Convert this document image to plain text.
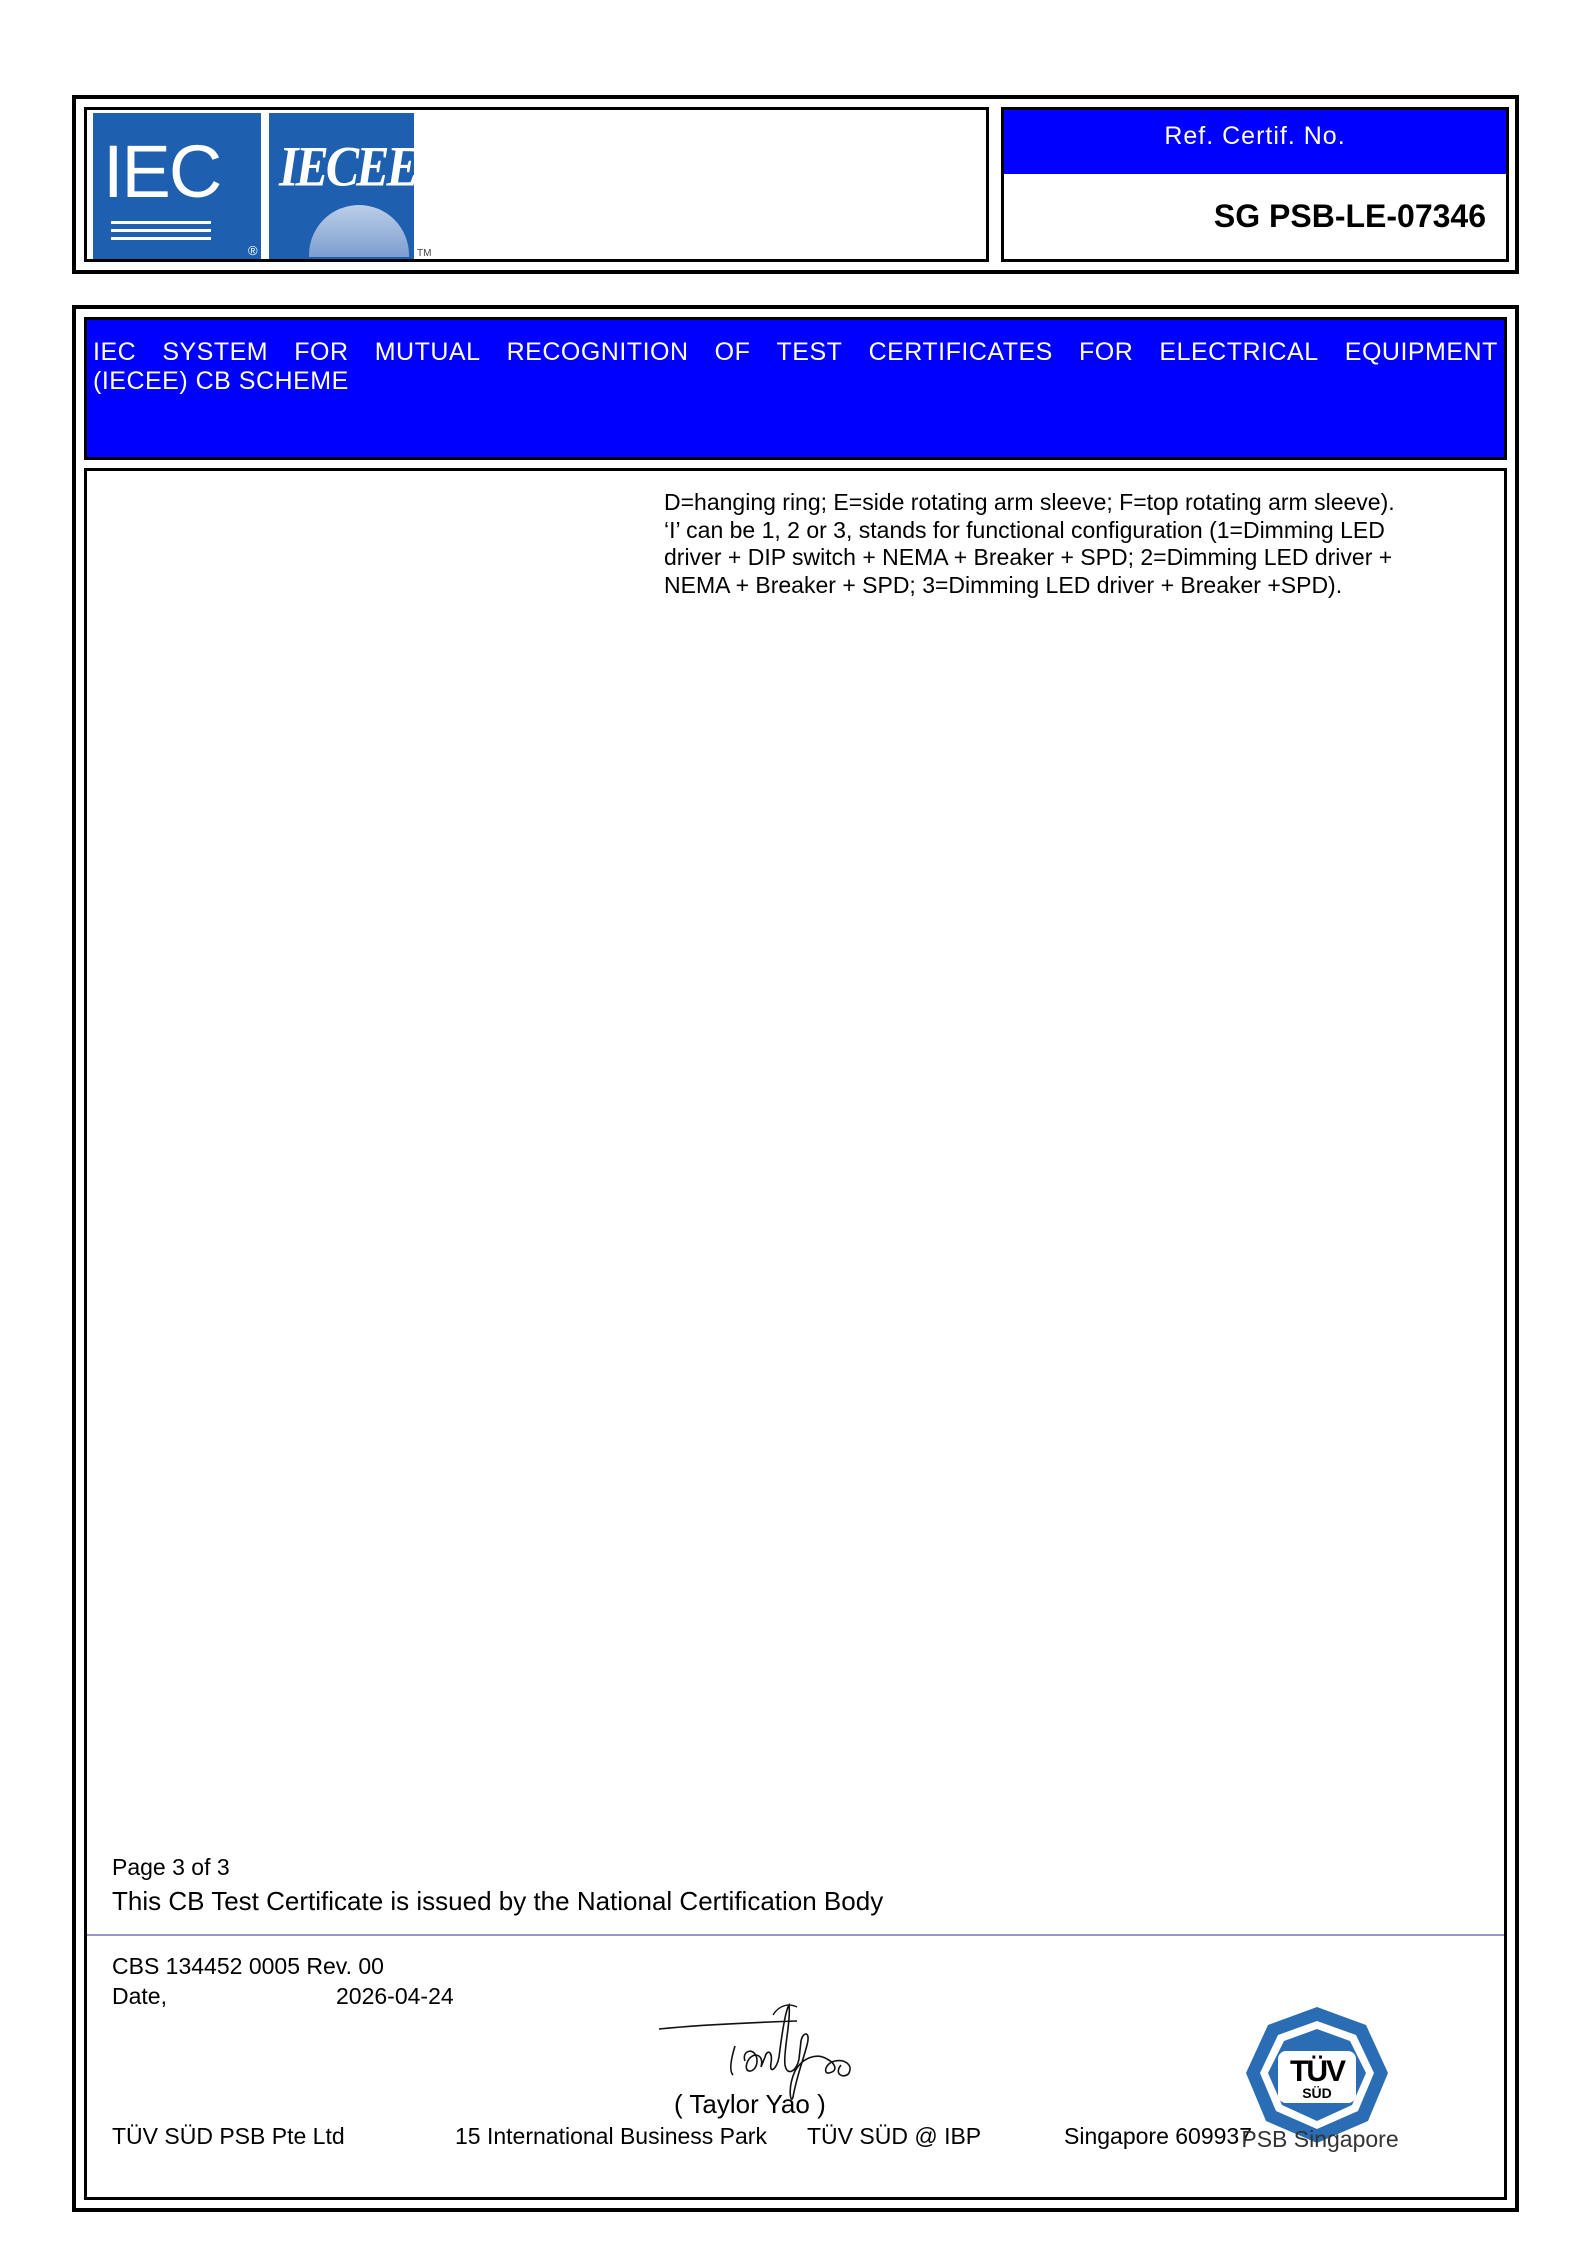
IEC
®
IECEE
TM
Ref. Certif. No.
SG PSB-LE-07346
IEC SYSTEM FOR MUTUAL RECOGNITION OF TEST CERTIFICATES FOR ELECTRICAL EQUIPMENT
(IECEE) CB SCHEME
D=hanging ring; E=side rotating arm sleeve; F=top rotating arm sleeve).
‘I’ can be 1, 2 or 3, stands for functional configuration (1=Dimming LED
driver + DIP switch + NEMA + Breaker + SPD; 2=Dimming LED driver +
NEMA + Breaker + SPD; 3=Dimming LED driver + Breaker +SPD).
Page 3 of 3
This CB Test Certificate is issued by the National Certification Body
CBS 134452 0005 Rev. 00
Date,	2026-04-24
( Taylor Yao )
TÜV SÜD PSB Pte Ltd	15 International Business Park TÜV SÜD @ IBP	Singapore 609937
TÜV
SÜD
PSB Singapore
